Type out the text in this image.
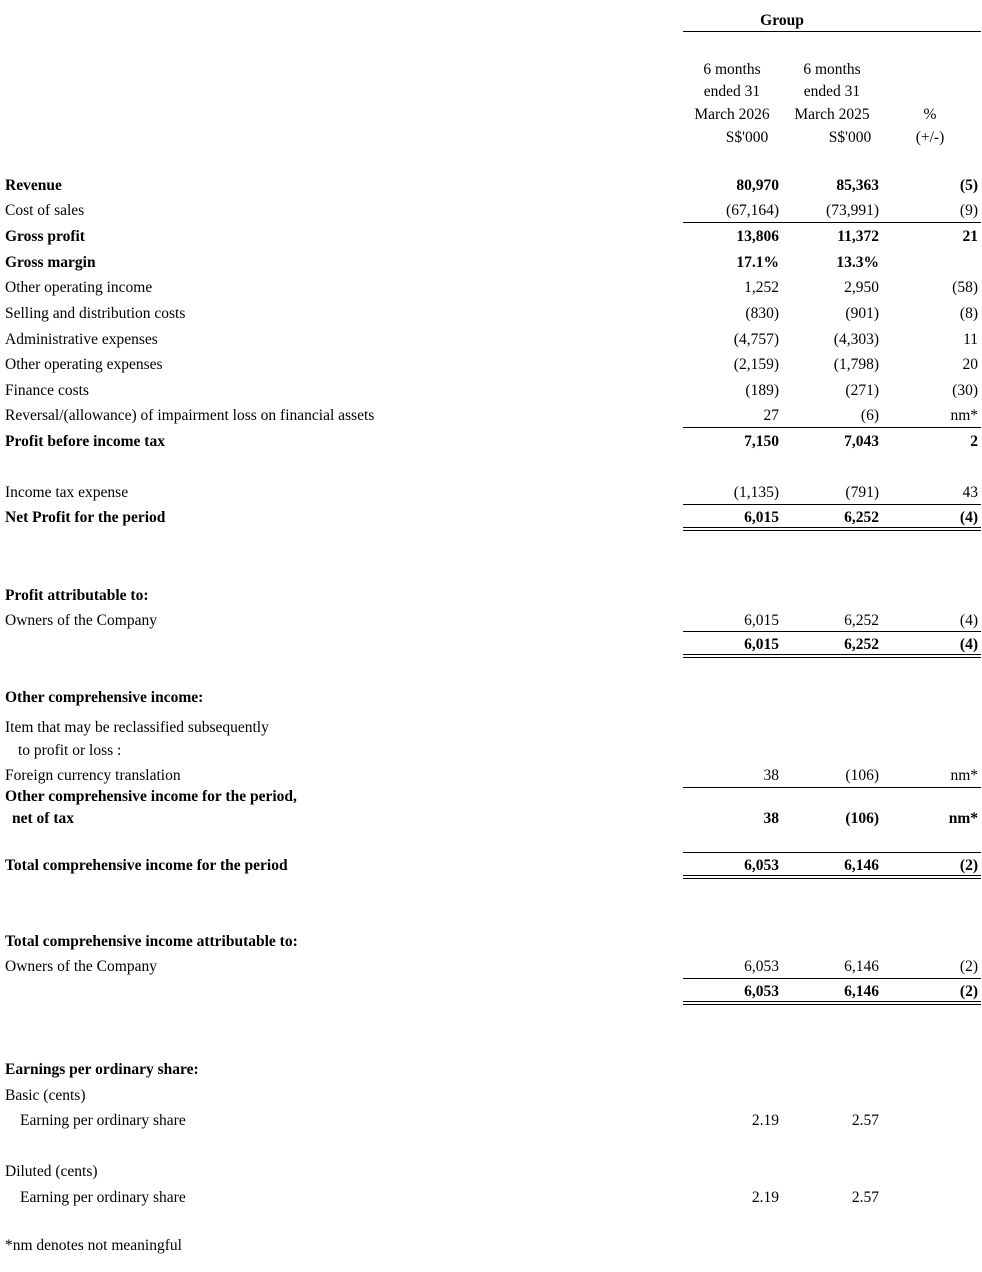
Group
6 months
ended 31
March 2026
S$'000
6 months
ended 31
March 2025
S$'000
%
(+/-)
Revenue	80,970	85,363	(5)
Cost of sales	(67,164)	(73,991)	(9)
Gross profit	13,806	11,372	21
Gross margin	17.1%	13.3%
Other operating income	1,252	2,950	(58)
Selling and distribution costs	(830)	(901)	(8)
Administrative expenses	(4,757)	(4,303)	11
Other operating expenses	(2,159)	(1,798)	20
Finance costs	(189)	(271)	(30)
Reversal/(allowance) of impairment loss on financial assets	27	(6)	nm*
Profit before income tax	7,150	7,043	2
Income tax expense	(1,135)	(791)	43
Net Profit for the period	6,015	6,252	(4)
Profit attributable to:
Owners of the Company	6,015	6,252	(4)
6,015	6,252	(4)
Other comprehensive income:
Item that may be reclassified subsequently
to profit or loss :
Foreign currency translation	38	(106)	nm*
Other comprehensive income for the period,
net of tax	38	(106)	nm*
Total comprehensive income for the period	6,053	6,146	(2)
Total comprehensive income attributable to:
Owners of the Company	6,053	6,146	(2)
6,053	6,146	(2)
Earnings per ordinary share:
Basic (cents)
Earning per ordinary share	2.19	2.57
Diluted (cents)
Earning per ordinary share	2.19	2.57
*nm denotes not meaningful
